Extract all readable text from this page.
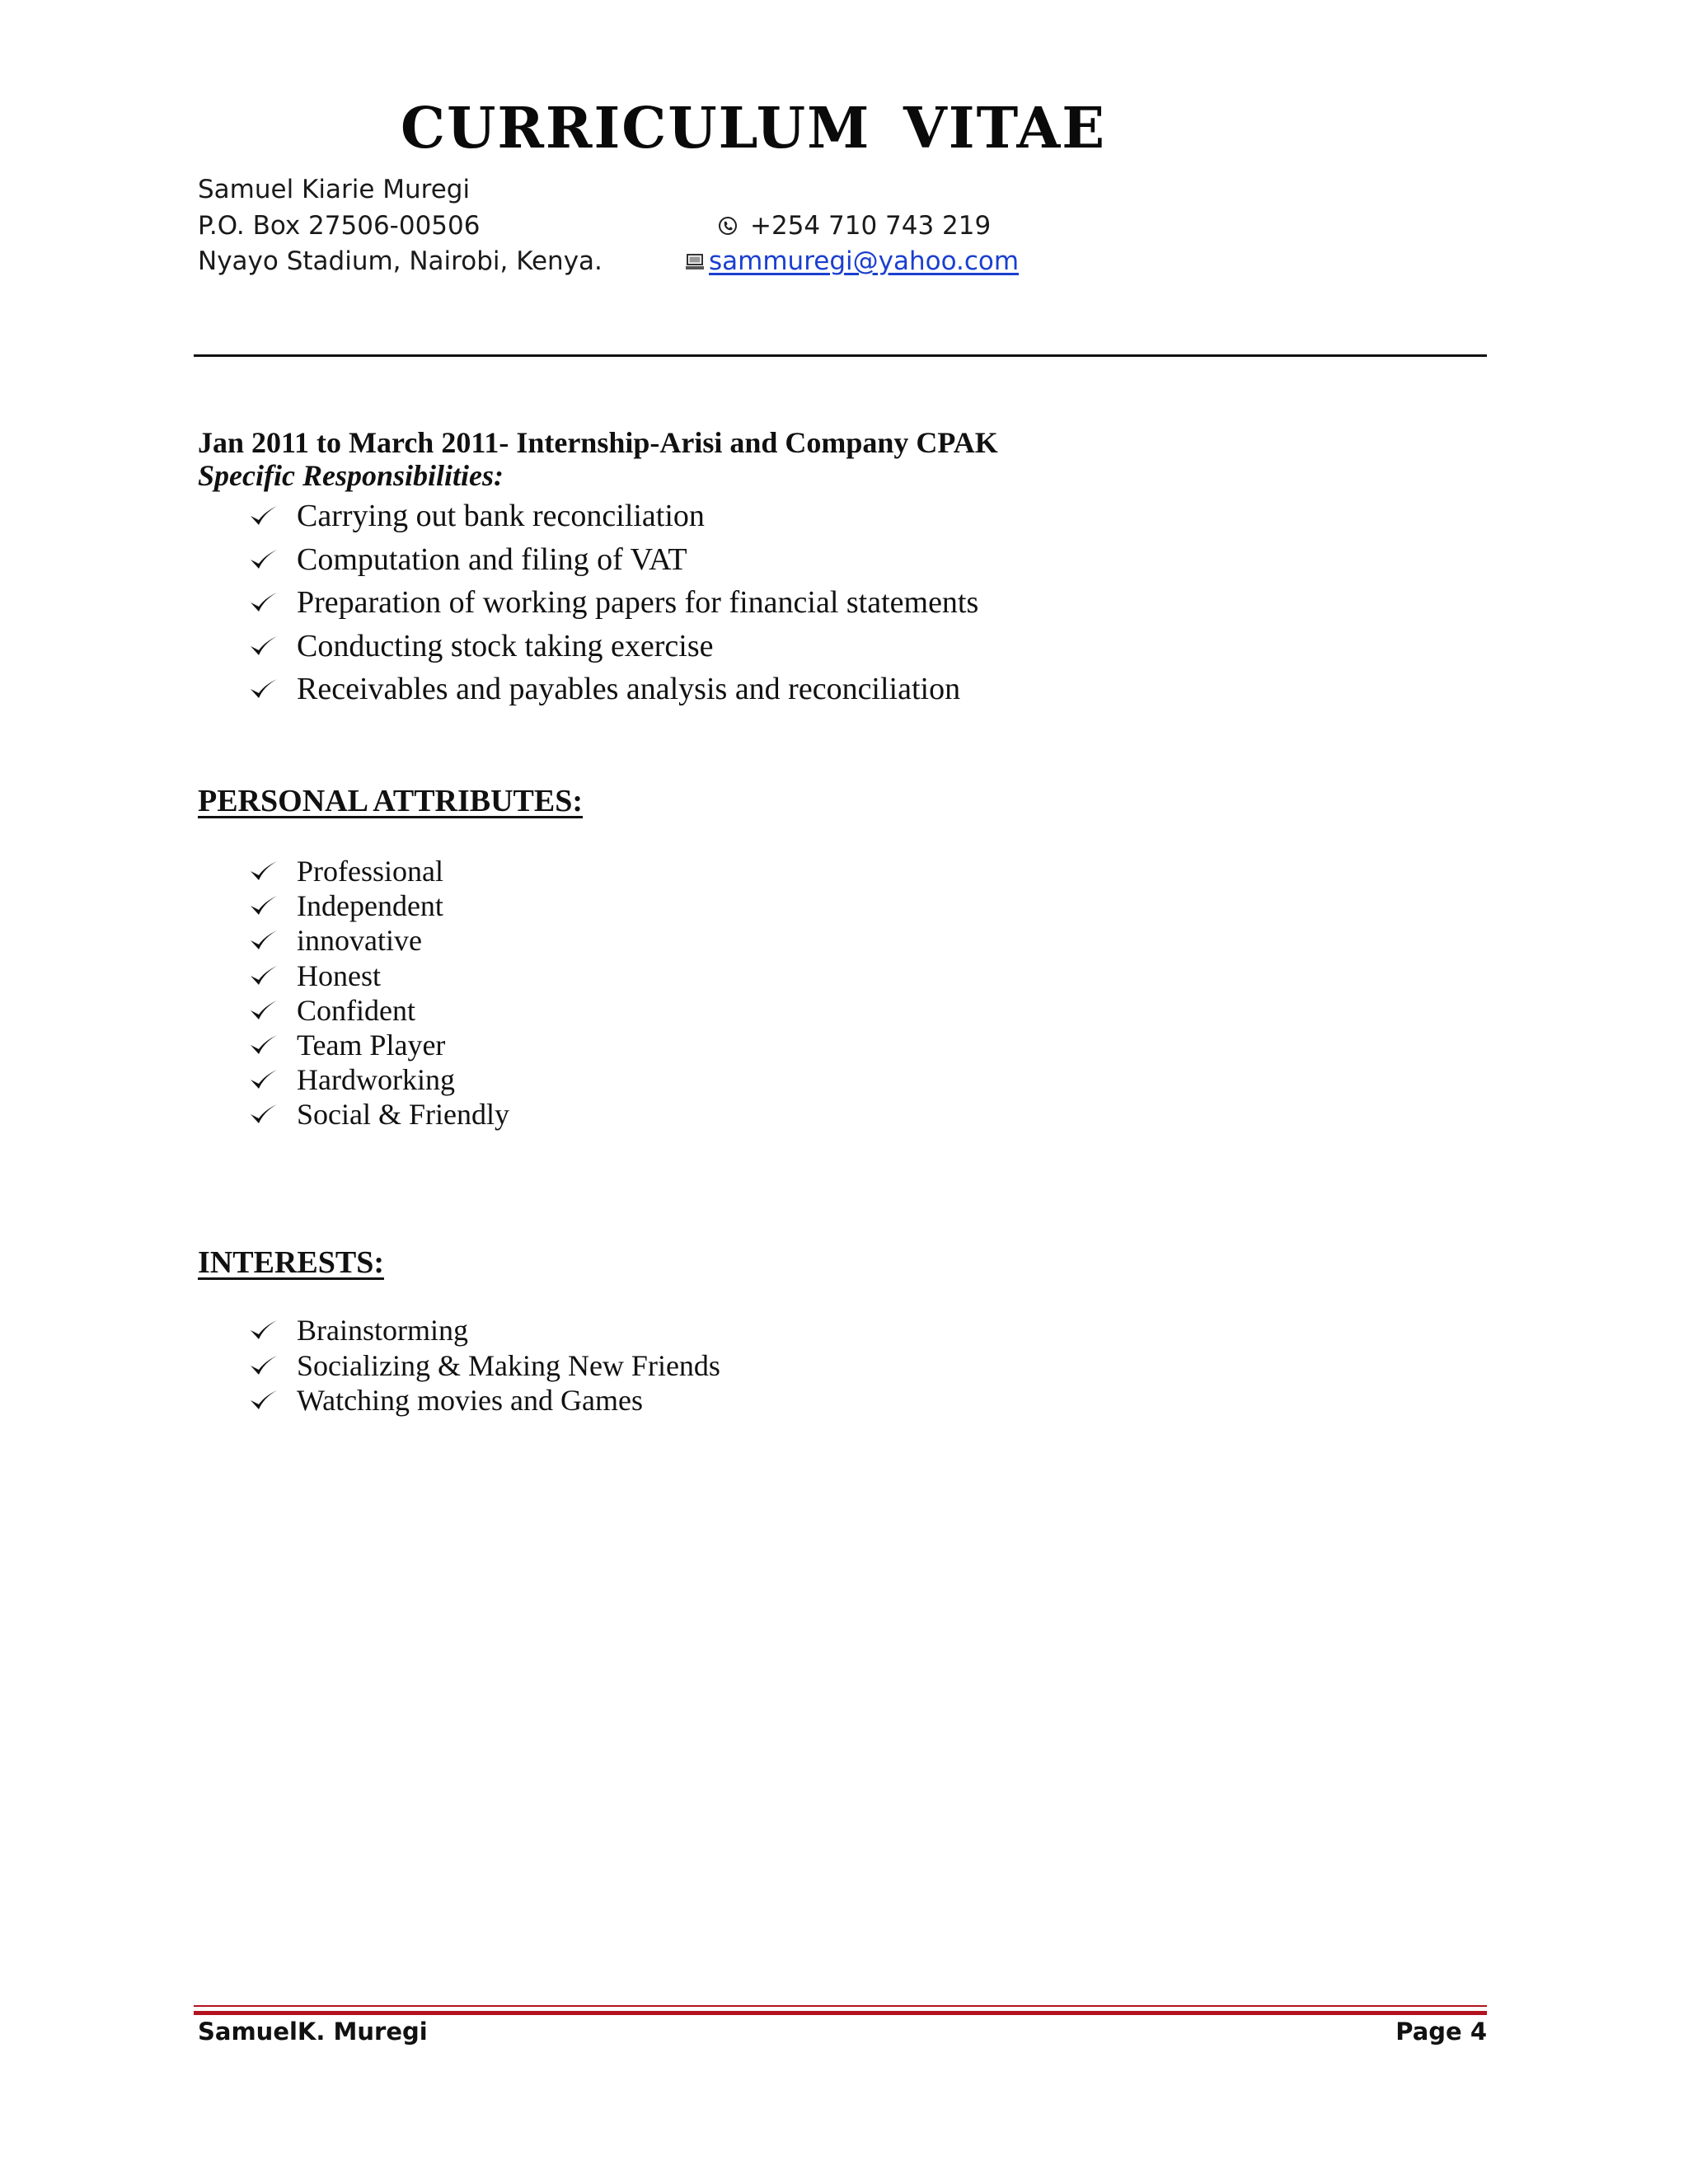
CURRICULUM VITAE
Samuel Kiarie Muregi
P.O. Box 27506-00506
Nyayo Stadium, Nairobi, Kenya.
+254 710 743 219
sammuregi@yahoo.com
Jan 2011 to March 2011- Internship-Arisi and Company CPAK
Specific Responsibilities:
Carrying out bank reconciliation
Computation and filing of VAT
Preparation of working papers for financial statements
Conducting stock taking exercise
Receivables and payables analysis and reconciliation
PERSONAL ATTRIBUTES:
Professional
Independent
innovative
Honest
Confident
Team Player
Hardworking
Social & Friendly
INTERESTS:
Brainstorming
Socializing & Making New Friends
Watching movies and Games
SamuelK. Muregi	Page 4
